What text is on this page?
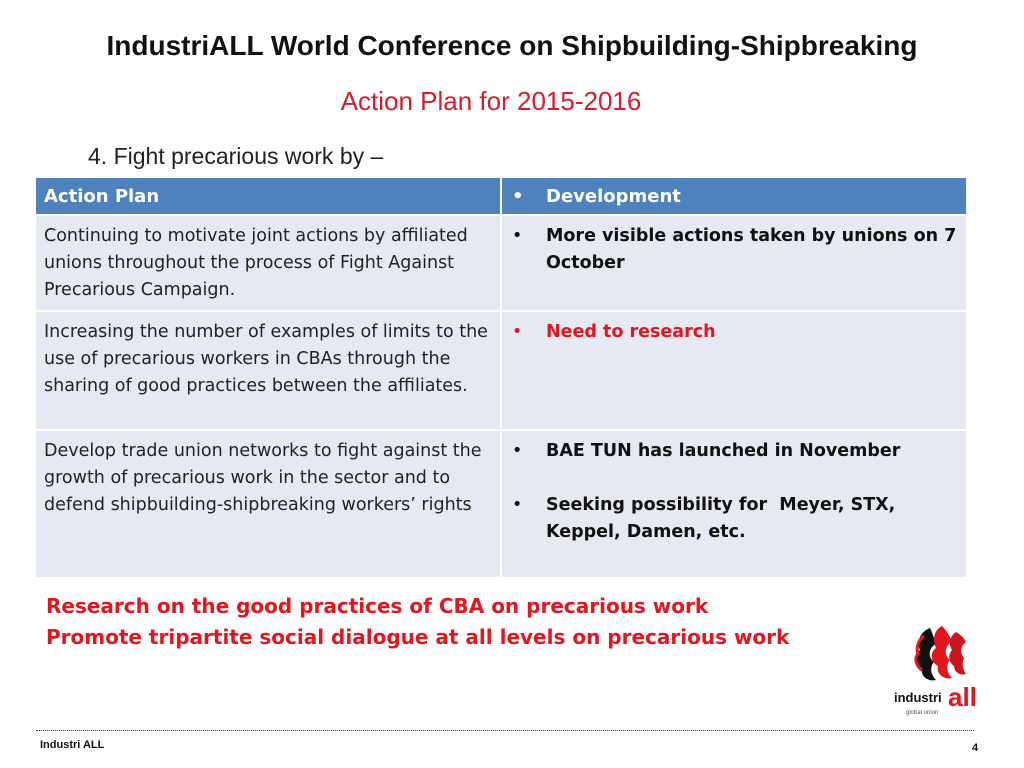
IndustriALL World Conference on Shipbuilding-Shipbreaking
Action Plan for 2015-2016
4. Fight precarious work by –
Action Plan	• Development

Continuing to motivate joint actions by affiliated unions throughout the process of Fight Against Precarious Campaign.	• More visible actions taken by unions on 7 October

Increasing the number of examples of limits to the use of precarious workers in CBAs through the sharing of good practices between the affiliates.	• Need to research

Develop trade union networks to fight against the growth of precarious work in the sector and to defend shipbuilding-shipbreaking workers’ rights	• BAE TUN has launched in November
• Seeking possibility for  Meyer, STX, Keppel, Damen, etc.
Research on the good practices of CBA on precarious work
Promote tripartite social dialogue at all levels on precarious work
industri all
global union
Industri ALL	4
